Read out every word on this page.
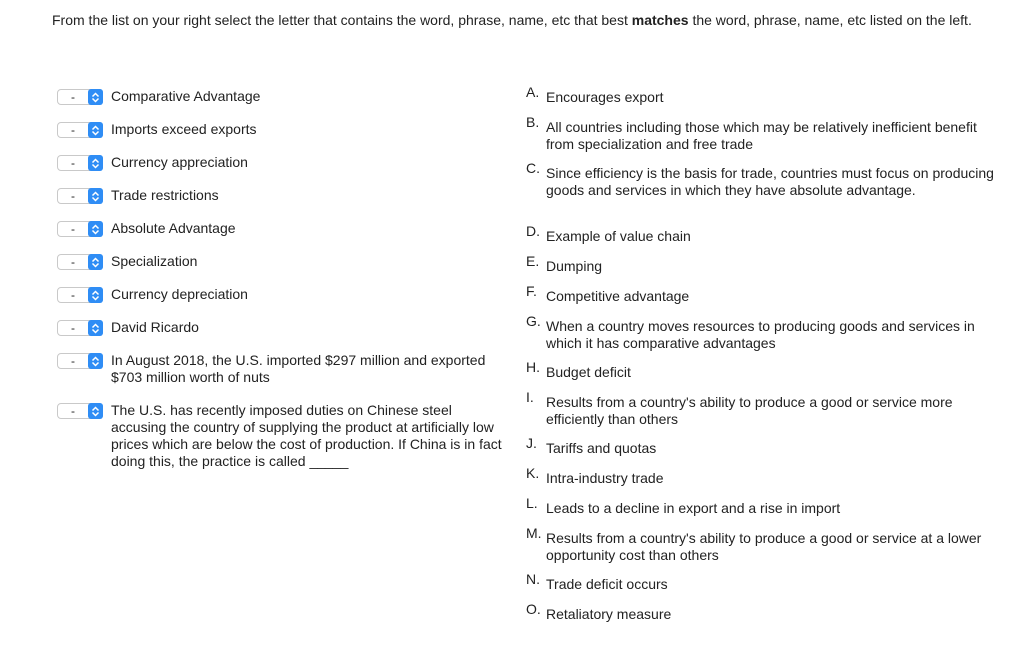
From the list on your right select the letter that contains the word, phrase, name, etc that best matches the word, phrase, name, etc listed on the left.
-	Comparative Advantage
-	Imports exceed exports
-	Currency appreciation
-	Trade restrictions
-	Absolute Advantage
-	Specialization
-	Currency depreciation
-	David Ricardo
-	In August 2018, the U.S. imported $297 million and exported $703 million worth of nuts
-	The U.S. has recently imposed duties on Chinese steel accusing the country of supplying the product at artificially low prices which are below the cost of production. If China is in fact doing this, the practice is called _____
A. Encourages export
B. All countries including those which may be relatively inefficient benefit from specialization and free trade
C. Since efficiency is the basis for trade, countries must focus on producing goods and services in which they have absolute advantage.
D. Example of value chain
E. Dumping
F. Competitive advantage
G. When a country moves resources to producing goods and services in which it has comparative advantages
H. Budget deficit
I. Results from a country's ability to produce a good or service more efficiently than others
J. Tariffs and quotas
K. Intra-industry trade
L. Leads to a decline in export and a rise in import
M. Results from a country's ability to produce a good or service at a lower opportunity cost than others
N. Trade deficit occurs
O. Retaliatory measure
